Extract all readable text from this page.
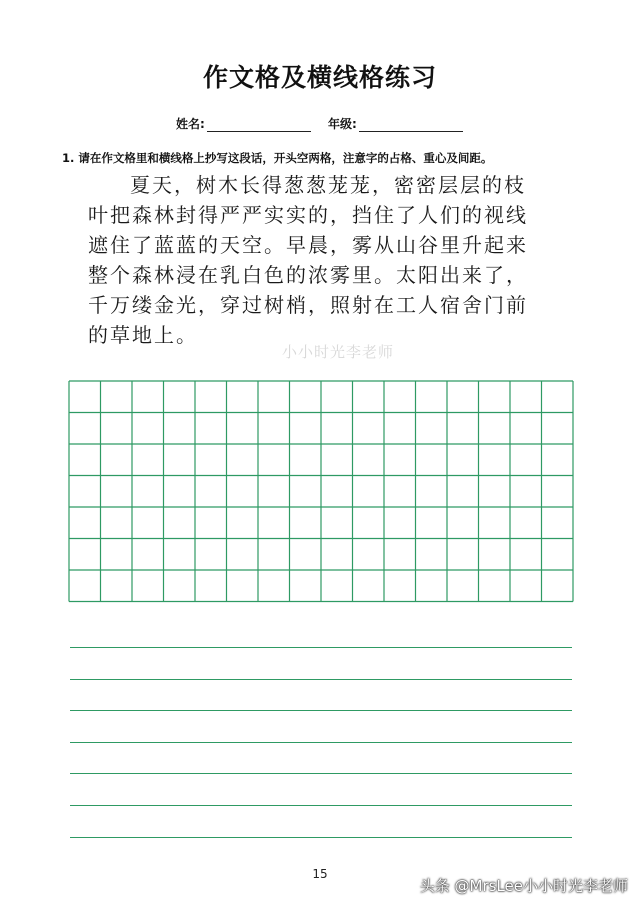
作文格及横线格练习
姓名:	年级:
1. 请在作文格里和横线格上抄写这段话，开头空两格，注意字的占格、重心及间距。
夏天，树木长得葱葱茏茏，密密层层的枝
叶把森林封得严严实实的，挡住了人们的视线
遮住了蓝蓝的天空。早晨，雾从山谷里升起来
整个森林浸在乳白色的浓雾里。太阳出来了，
千万缕金光，穿过树梢，照射在工人宿舍门前
的草地上。
小小时光李老师
15
头条 @MrsLee小小时光李老师
